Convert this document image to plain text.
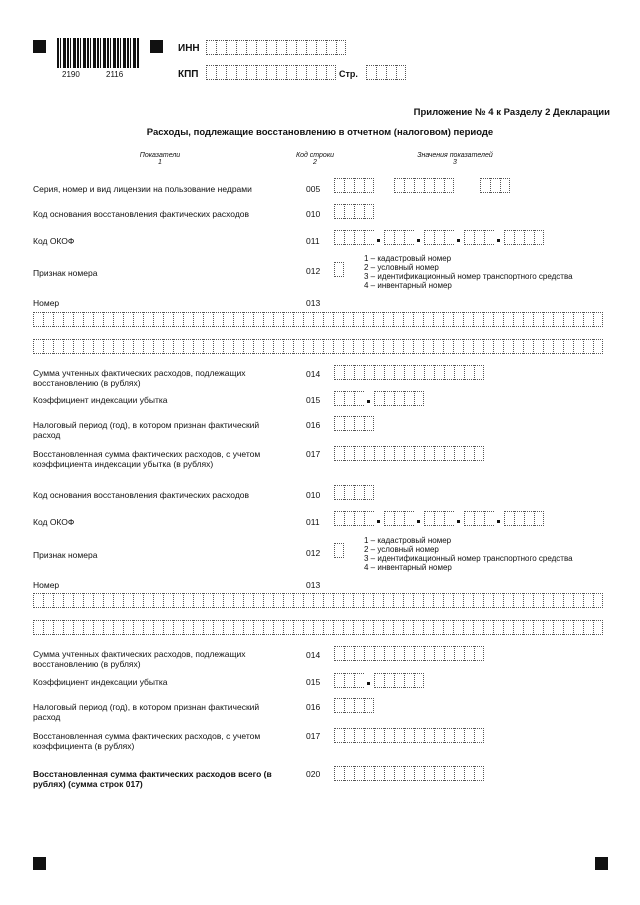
2190	2116
ИНН
КПП	Стр.
Приложение № 4 к Разделу 2 Декларации
Расходы, подлежащие восстановлению в отчетном (налоговом) периоде
Показатели
1
Код строки
2
Значения показателей
3
Серия, номер и вид лицензии на пользование недрами	005
Код основания восстановления фактических расходов	010
Код ОКОФ	011
Признак номера	012
1 – кадастровый номер
2 – условный номер
3 – идентификационный номер транспортного средства
4 – инвентарный номер
Номер	013
Сумма учтенных фактических расходов, подлежащих восстановлению (в рублях)
014
Коэффициент индексации убытка	015
Налоговый период (год), в котором признан фактический расход
016
Восстановленная сумма фактических расходов, с учетом коэффициента индексации убытка (в рублях)
017
Код основания восстановления фактических расходов	010
Код ОКОФ	011
Признак номера	012
1 – кадастровый номер
2 – условный номер
3 – идентификационный номер транспортного средства
4 – инвентарный номер
Номер	013
Сумма учтенных фактических расходов, подлежащих восстановлению (в рублях)
014
Коэффициент индексации убытка	015
Налоговый период (год), в котором признан фактический расход
016
Восстановленная сумма фактических расходов, с учетом коэффициента (в рублях)
017
Восстановленная сумма фактических расходов всего (в рублях) (сумма строк 017)
020
